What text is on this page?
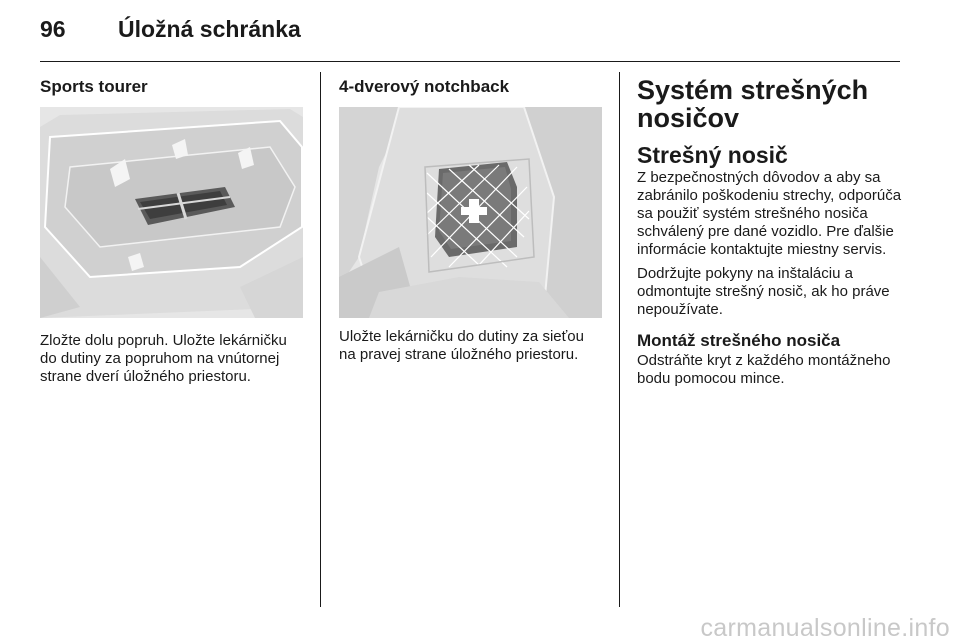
96 Úložná schránka
Sports tourer
Zložte dolu popruh. Uložte lekárničku do dutiny za popruhom na vnútornej strane dverí úložného priestoru.
4-dverový notchback
Uložte lekárničku do dutiny za sieťou na pravej strane úložného priestoru.
Systém strešných nosičov
Strešný nosič

Z bezpečnostných dôvodov a aby sa zabránilo poškodeniu strechy, odporúča sa použiť systém strešného nosiča schválený pre dané vozidlo. Pre ďalšie informácie kontaktujte miestny servis.

Dodržujte pokyny na inštaláciu a odmontujte strešný nosič, ak ho práve nepoužívate.

Montáž strešného nosiča

Odstráňte kryt z každého montážneho bodu pomocou mince.

carmanualsonline.info
